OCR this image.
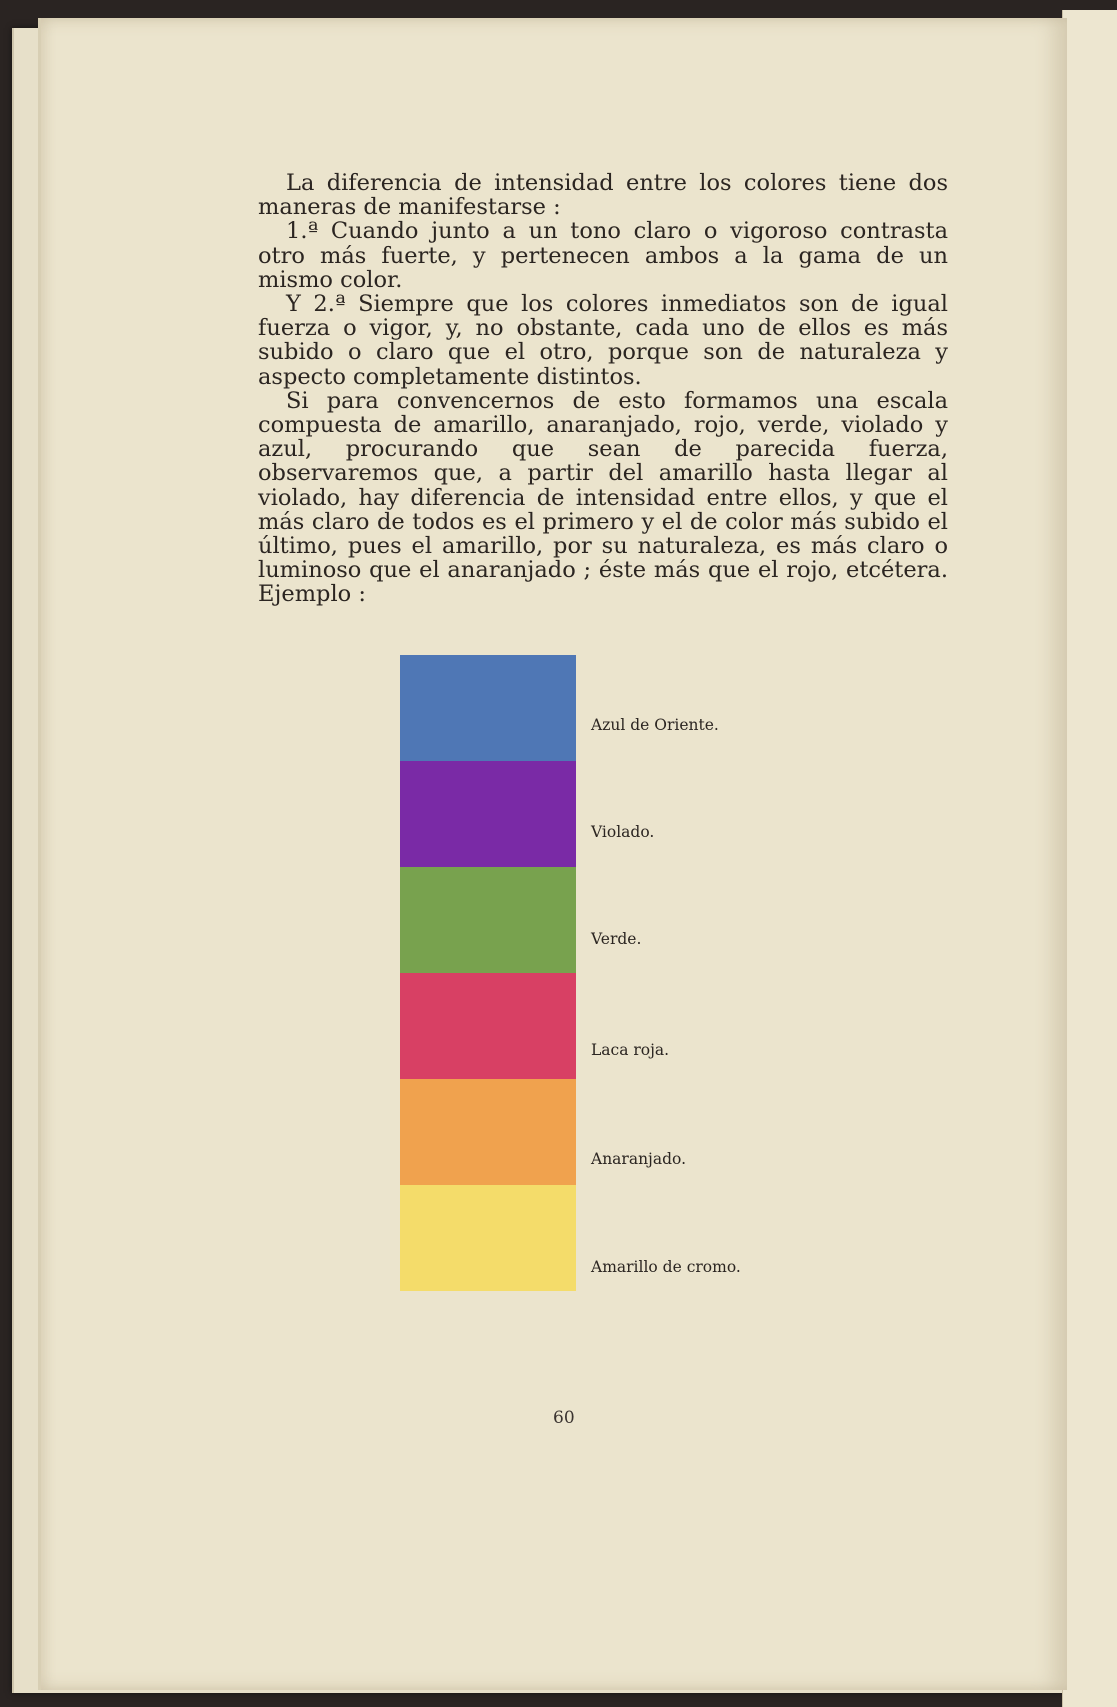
La diferencia de intensidad entre los colores tiene dos maneras de manifestarse :

1.ª Cuando junto a un tono claro o vigoroso contrasta otro más fuerte, y pertenecen ambos a la gama de un mismo color.

Y 2.ª Siempre que los colores inmediatos son de igual fuerza o vigor, y, no obstante, cada uno de ellos es más subido o claro que el otro, porque son de naturaleza y aspecto completamente distintos.

Si para convencernos de esto formamos una escala compuesta de amarillo, anaranjado, rojo, verde, violado y azul, procurando que sean de parecida fuerza, observaremos que, a partir del amarillo hasta llegar al violado, hay diferencia de intensidad entre ellos, y que el más claro de todos es el primero y el de color más subido el último, pues el amarillo, por su naturaleza, es más claro o luminoso que el anaranjado ; éste más que el rojo, etcétera. Ejemplo :

Azul de Oriente.
Violado.
Verde.
Laca roja.
Anaranjado.
Amarillo de cromo.
60
